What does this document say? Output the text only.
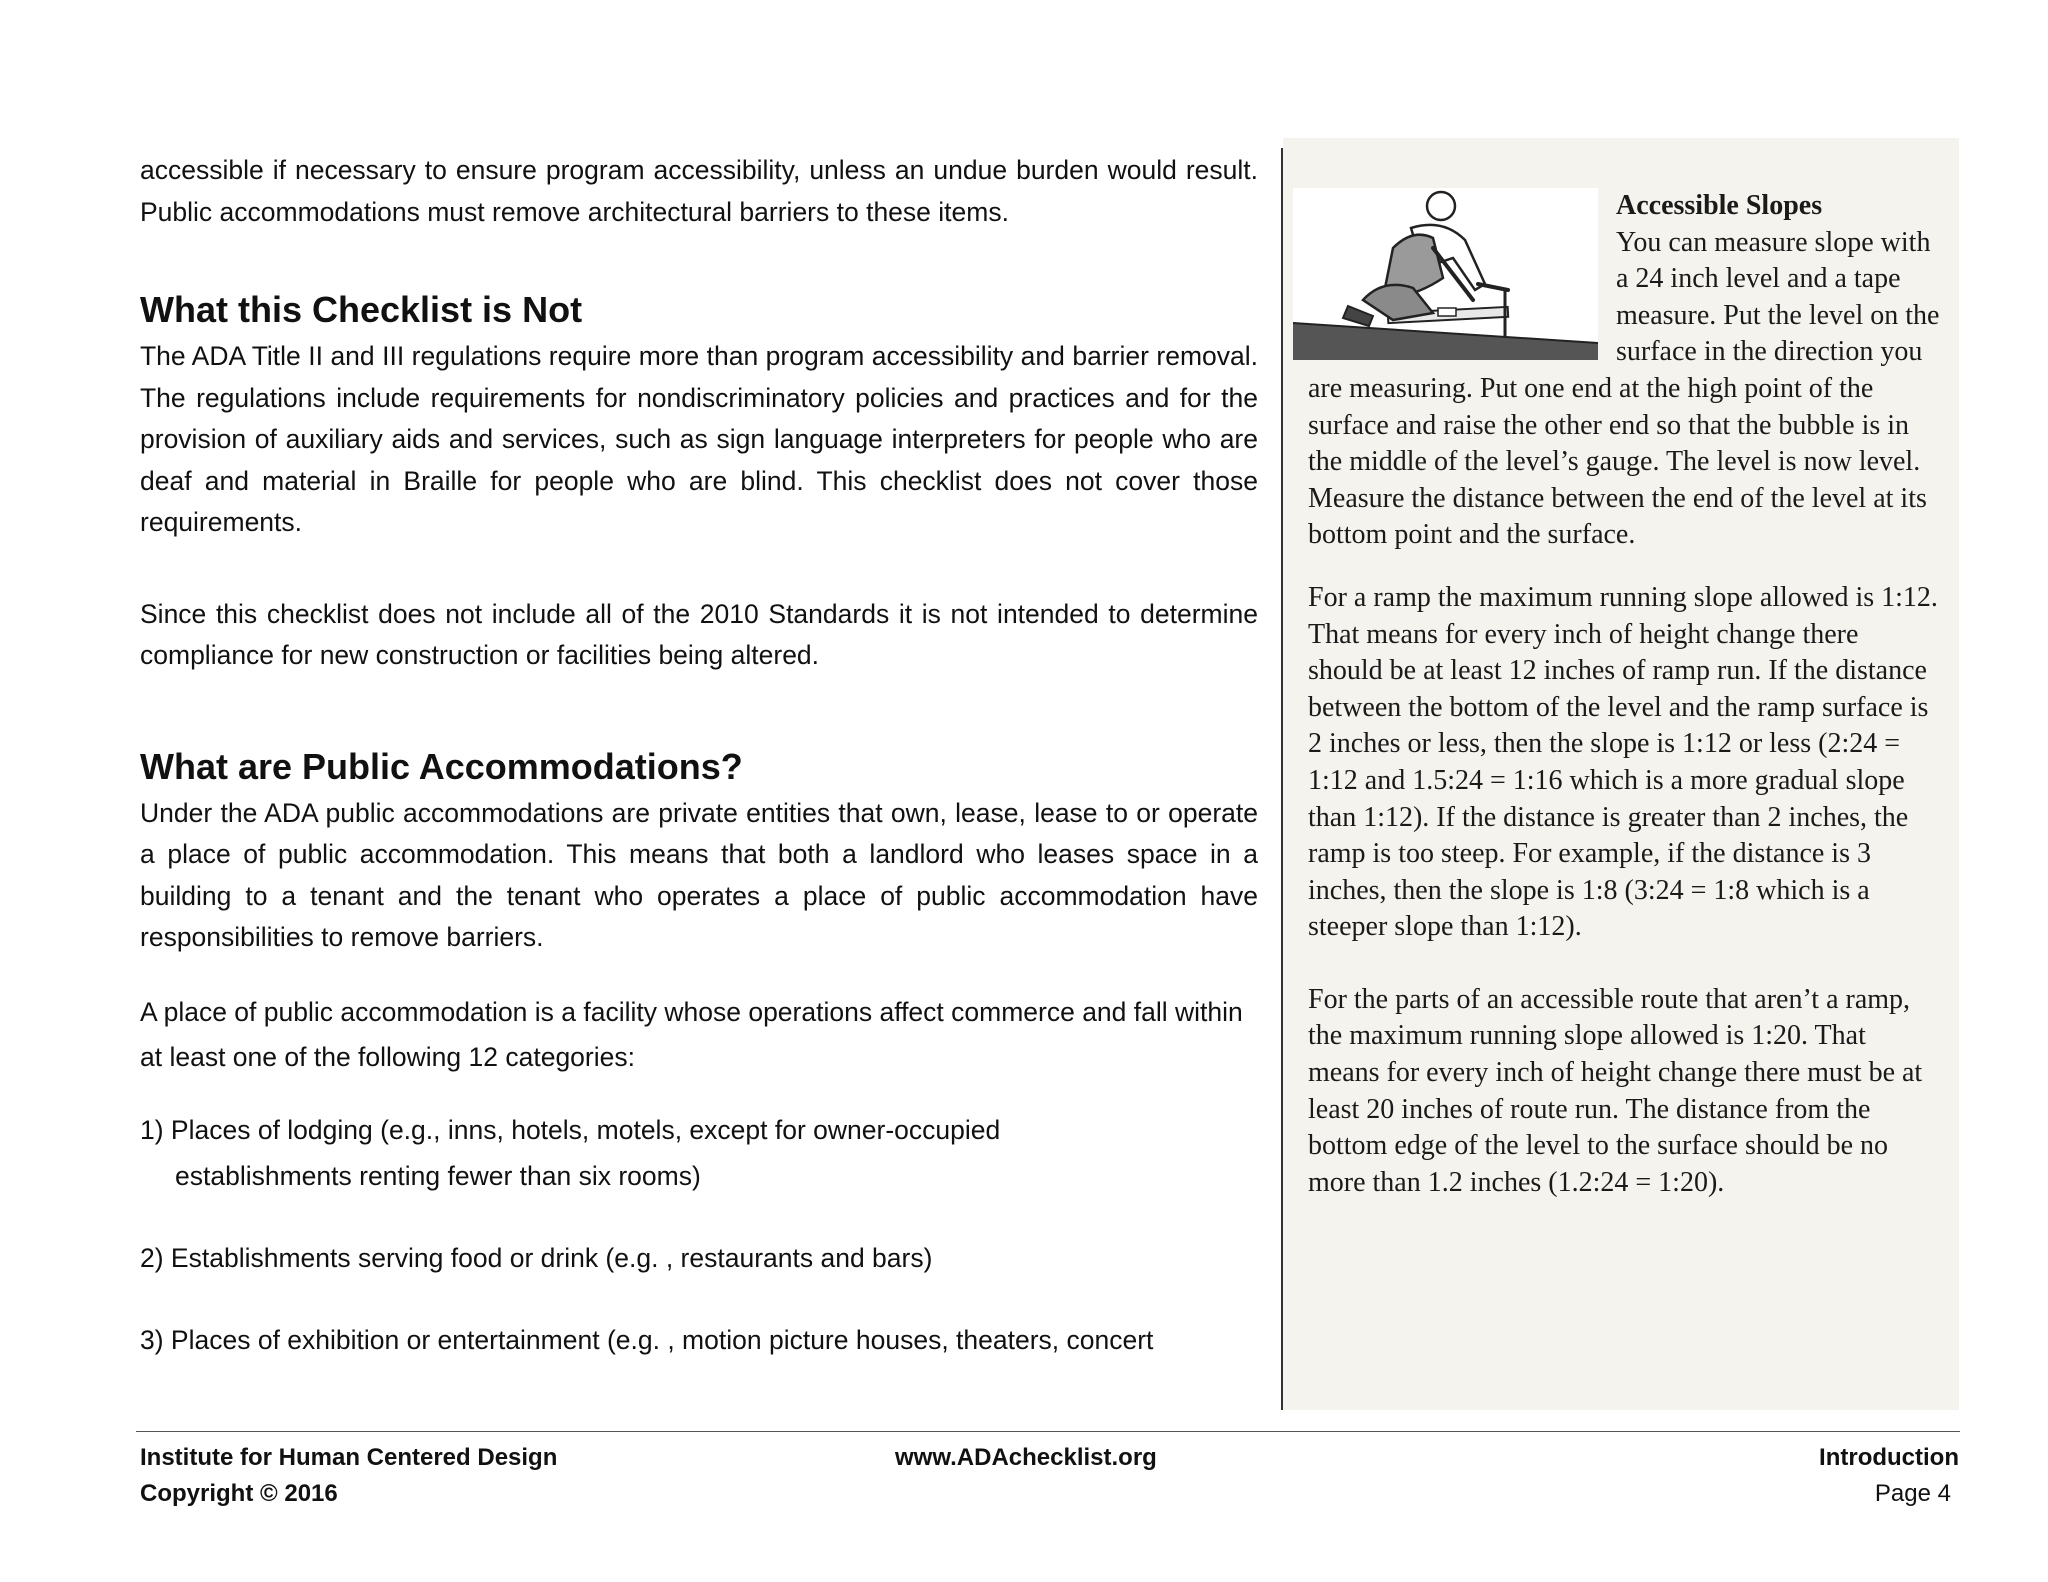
accessible if necessary to ensure program accessibility, unless an undue burden would result. Public accommodations must remove architectural barriers to these items.

What this Checklist is Not

The ADA Title II and III regulations require more than program accessibility and barrier removal. The regulations include requirements for nondiscriminatory policies and practices and for the provision of auxiliary aids and services, such as sign language interpreters for people who are deaf and material in Braille for people who are blind. This checklist does not cover those requirements.

Since this checklist does not include all of the 2010 Standards it is not intended to determine compliance for new construction or facilities being altered.

What are Public Accommodations?

Under the ADA public accommodations are private entities that own, lease, lease to or operate a place of public accommodation. This means that both a landlord who leases space in a building to a tenant and the tenant who operates a place of public accommodation have responsibilities to remove barriers.

A place of public accommodation is a facility whose operations affect commerce and fall within at least one of the following 12 categories:

1) Places of lodging (e.g., inns, hotels, motels, except for owner-occupied
establishments renting fewer than six rooms)
2) Establishments serving food or drink (e.g. , restaurants and bars)
3) Places of exhibition or entertainment (e.g. , motion picture houses, theaters, concert

Accessible Slopes

You can measure slope with a 24 inch level and a tape measure. Put the level on the surface in the direction you are measuring. Put one end at the high point of the surface and raise the other end so that the bubble is in the middle of the level’s gauge. The level is now level. Measure the distance between the end of the level at its bottom point and the surface.

For a ramp the maximum running slope allowed is 1:12. That means for every inch of height change there should be at least 12 inches of ramp run. If the distance between the bottom of the level and the ramp surface is 2 inches or less, then the slope is 1:12 or less (2:24 = 1:12 and 1.5:24 = 1:16 which is a more gradual slope than 1:12). If the distance is greater than 2 inches, the ramp is too steep. For example, if the distance is 3 inches, then the slope is 1:8 (3:24 = 1:8 which is a steeper slope than 1:12).

For the parts of an accessible route that aren’t a ramp, the maximum running slope allowed is 1:20. That means for every inch of height change there must be at least 20 inches of route run. The distance from the bottom edge of the level to the surface should be no more than 1.2 inches (1.2:24 = 1:20).

Institute for Human Centered Design
Copyright © 2016
www.ADAchecklist.org	Introduction
Page 4
